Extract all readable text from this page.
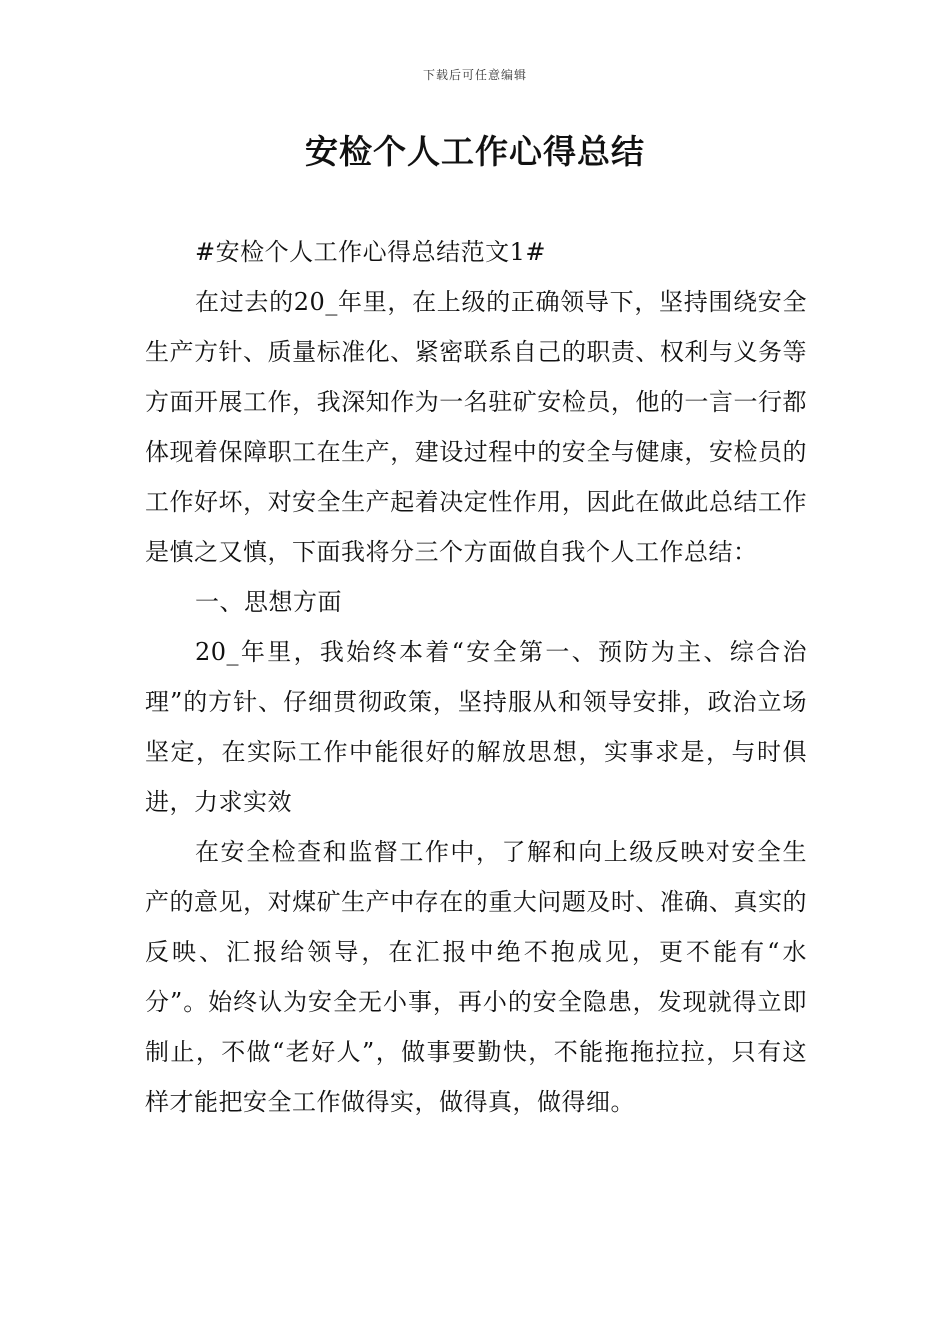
下载后可任意编辑
安检个人工作心得总结

#安检个人工作心得总结范文1#

在过去的20_年里，在上级的正确领导下，坚持围绕安全生产方针、质量标准化、紧密联系自己的职责、权利与义务等方面开展工作，我深知作为一名驻矿安检员，他的一言一行都体现着保障职工在生产，建设过程中的安全与健康，安检员的工作好坏，对安全生产起着决定性作用，因此在做此总结工作是慎之又慎，下面我将分三个方面做自我个人工作总结：

一、思想方面

20_年里，我始终本着“安全第一、预防为主、综合治理”的方针、仔细贯彻政策，坚持服从和领导安排，政治立场坚定，在实际工作中能很好的解放思想，实事求是，与时俱进，力求实效

在安全检查和监督工作中，了解和向上级反映对安全生产的意见，对煤矿生产中存在的重大问题及时、准确、真实的反映、汇报给领导，在汇报中绝不抱成见，更不能有“水分”。始终认为安全无小事，再小的安全隐患，发现就得立即制止，不做“老好人”，做事要勤快，不能拖拖拉拉，只有这样才能把安全工作做得实，做得真，做得细。
